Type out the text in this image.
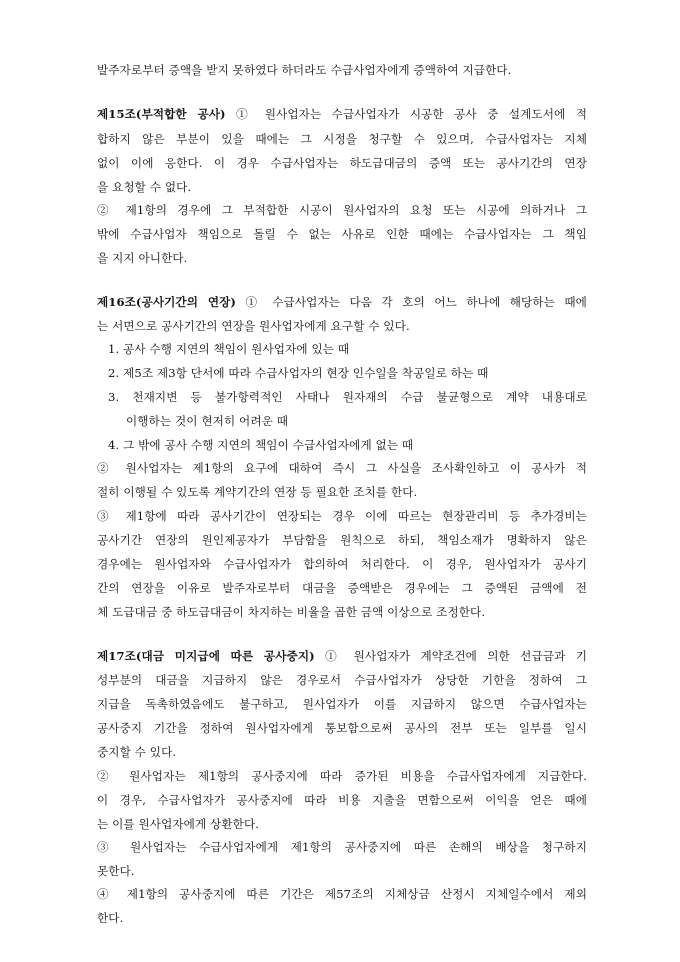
발주자로부터 증액을 받지 못하였다 하더라도 수급사업자에게 증액하여 지급한다.
제15조(부적합한 공사) ① 원사업자는 수급사업자가 시공한 공사 중 설계도서에 적
합하지 않은 부분이 있을 때에는 그 시정을 청구할 수 있으며, 수급사업자는 지체
없이 이에 응한다. 이 경우 수급사업자는 하도급대금의 증액 또는 공사기간의 연장
을 요청할 수 없다.
② 제1항의 경우에 그 부적합한 시공이 원사업자의 요청 또는 시공에 의하거나 그
밖에 수급사업자 책임으로 돌릴 수 없는 사유로 인한 때에는 수급사업자는 그 책임
을 지지 아니한다.
제16조(공사기간의 연장) ① 수급사업자는 다음 각 호의 어느 하나에 해당하는 때에
는 서면으로 공사기간의 연장을 원사업자에게 요구할 수 있다.
1. 공사 수행 지연의 책임이 원사업자에 있는 때
2. 제5조 제3항 단서에 따라 수급사업자의 현장 인수일을 착공일로 하는 때
3. 천재지변 등 불가항력적인 사태나 원자재의 수급 불균형으로 계약 내용대로
이행하는 것이 현저히 어려운 때
4. 그 밖에 공사 수행 지연의 책임이 수급사업자에게 없는 때
② 원사업자는 제1항의 요구에 대하여 즉시 그 사실을 조사확인하고 이 공사가 적
절히 이행될 수 있도록 계약기간의 연장 등 필요한 조치를 한다.
③ 제1항에 따라 공사기간이 연장되는 경우 이에 따르는 현장관리비 등 추가경비는
공사기간 연장의 원인제공자가 부담함을 원칙으로 하되, 책임소재가 명확하지 않은
경우에는 원사업자와 수급사업자가 합의하여 처리한다. 이 경우, 원사업자가 공사기
간의 연장을 이유로 발주자로부터 대금을 증액받은 경우에는 그 증액된 금액에 전
체 도급대금 중 하도급대금이 차지하는 비율을 곱한 금액 이상으로 조정한다.
제17조(대금 미지급에 따른 공사중지) ① 원사업자가 계약조건에 의한 선급금과 기
성부분의 대금을 지급하지 않은 경우로서 수급사업자가 상당한 기한을 정하여 그
지급을 독촉하였음에도 불구하고, 원사업자가 이를 지급하지 않으면 수급사업자는
공사중지 기간을 정하여 원사업자에게 통보함으로써 공사의 전부 또는 일부를 일시
중지할 수 있다.
② 원사업자는 제1항의 공사중지에 따라 증가된 비용을 수급사업자에게 지급한다.
이 경우, 수급사업자가 공사중지에 따라 비용 지출을 면함으로써 이익을 얻은 때에
는 이를 원사업자에게 상환한다.
③ 원사업자는 수급사업자에게 제1항의 공사중지에 따른 손해의 배상을 청구하지
못한다.
④ 제1항의 공사중지에 따른 기간은 제57조의 지체상금 산정시 지체일수에서 제외
한다.
